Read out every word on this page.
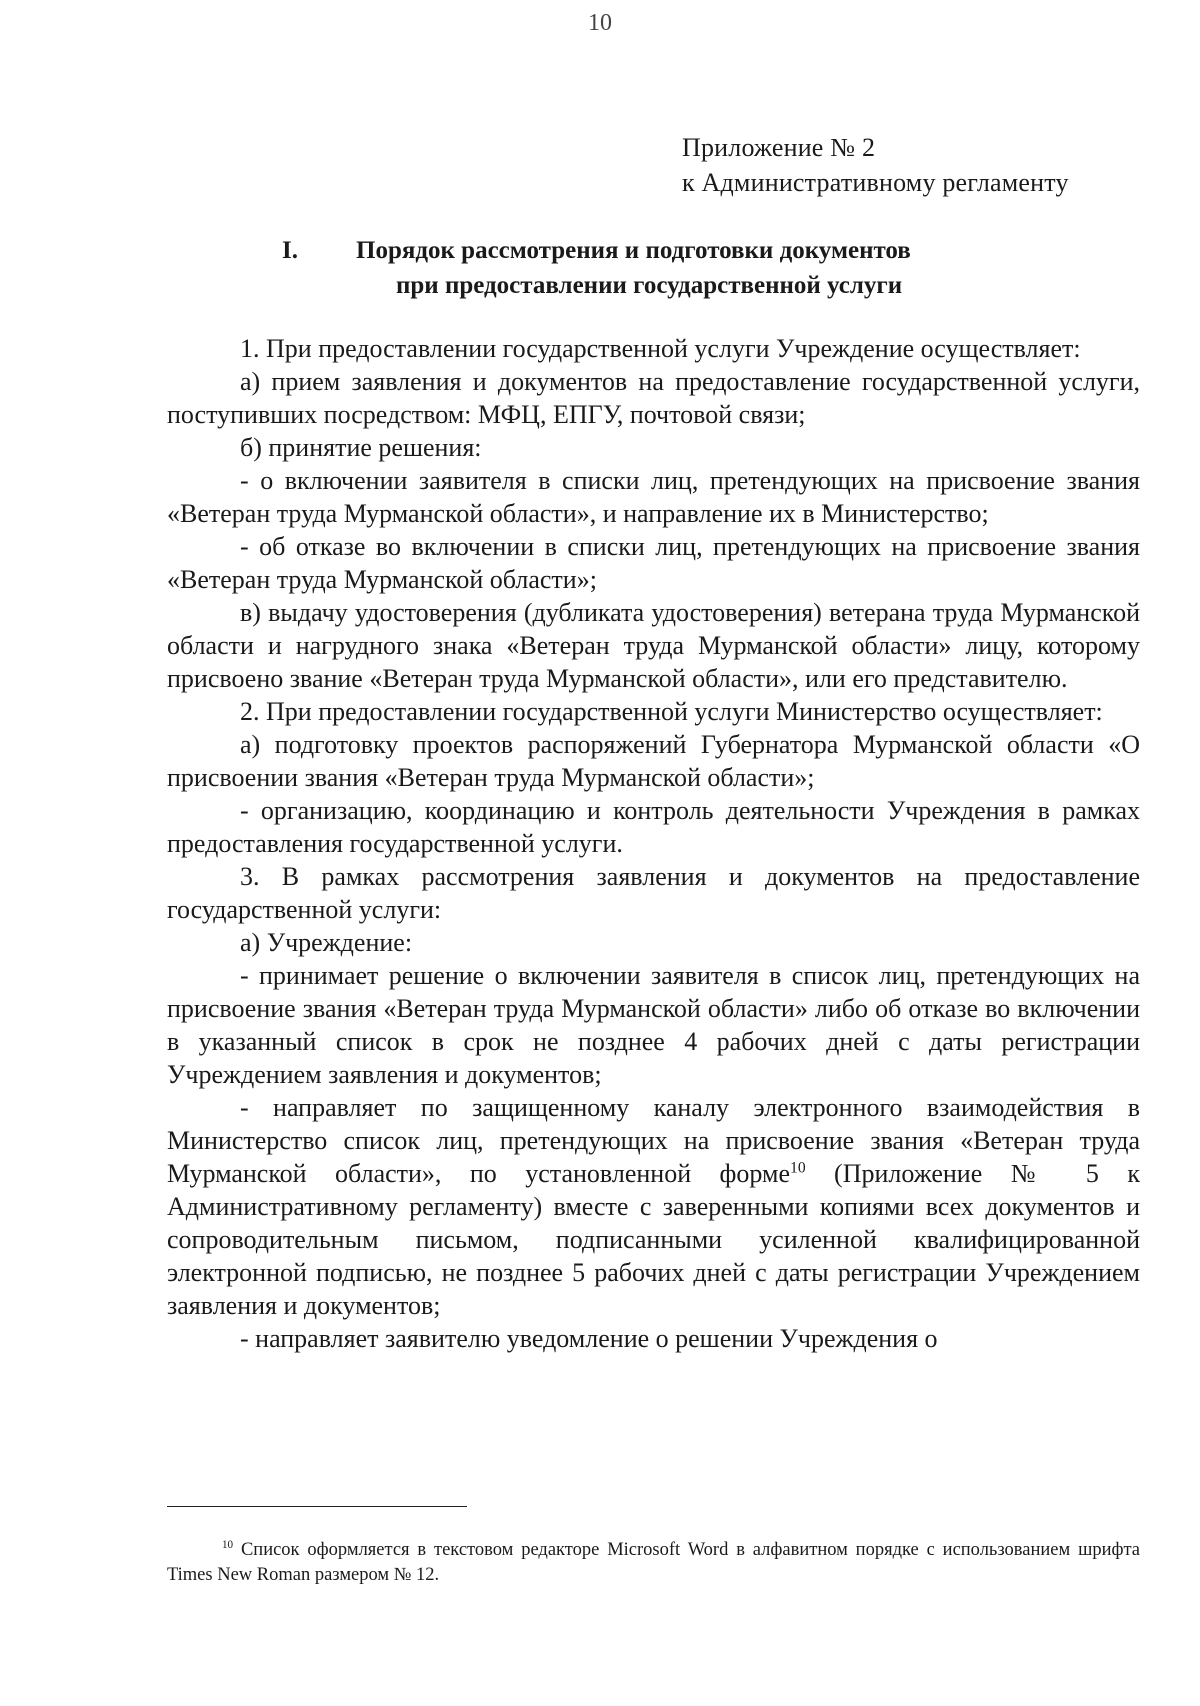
10
Приложение № 2
к Административному регламенту
I. Порядок рассмотрения и подготовки документов
при предоставлении государственной услуги

1. При предоставлении государственной услуги Учреждение осуществляет:

а) прием заявления и документов на предоставление государственной услуги, поступивших посредством: МФЦ, ЕПГУ, почтовой связи;

б) принятие решения:

- о включении заявителя в списки лиц, претендующих на присвоение звания «Ветеран труда Мурманской области», и направление их в Министерство;

- об отказе во включении в списки лиц, претендующих на присвоение звания «Ветеран труда Мурманской области»;

в) выдачу удостоверения (дубликата удостоверения) ветерана труда Мурманской области и нагрудного знака «Ветеран труда Мурманской области» лицу, которому присвоено звание «Ветеран труда Мурманской области», или его представителю.

2. При предоставлении государственной услуги Министерство осуществляет:

а) подготовку проектов распоряжений Губернатора Мурманской области «О присвоении звания «Ветеран труда Мурманской области»;

- организацию, координацию и контроль деятельности Учреждения в рамках предоставления государственной услуги.

3. В рамках рассмотрения заявления и документов на предоставление государственной услуги:

а) Учреждение:

- принимает решение о включении заявителя в список лиц, претендующих на присвоение звания «Ветеран труда Мурманской области» либо об отказе во включении в указанный список в срок не позднее 4 рабочих дней с даты регистрации Учреждением заявления и документов;

- направляет по защищенному каналу электронного взаимодействия в Министерство список лиц, претендующих на присвоение звания «Ветеран труда Мурманской области», по установленной форме$^{10}$ (Приложение № 5 к Административному регламенту) вместе с заверенными копиями всех документов и сопроводительным письмом, подписанными усиленной квалифицированной электронной подписью, не позднее 5 рабочих дней с даты регистрации Учреждением заявления и документов;

- направляет заявителю уведомление о решении Учреждения о

$^{10}$ Список оформляется в текстовом редакторе Microsoft Word в алфавитном порядке с использованием шрифта Times New Roman размером № 12.
